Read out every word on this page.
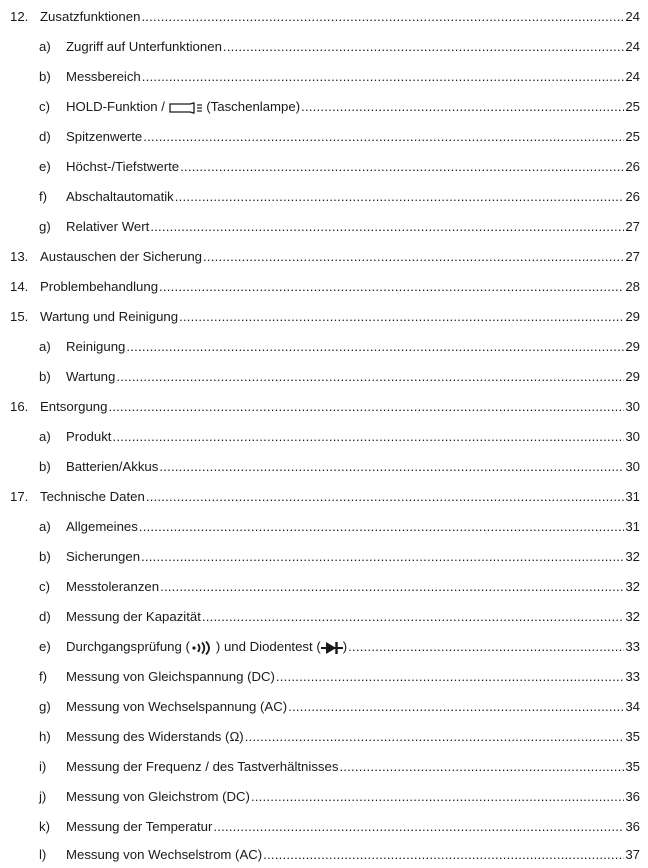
12. Zusatzfunktionen .....	24
a) Zugriff auf Unterfunktionen .....	24
b) Messbereich .....	24
c) HOLD-Funktion /	(Taschenlampe) .....	25
d) Spitzenwerte .....	25
e) Höchst-/Tiefstwerte .....	26
f) Abschaltautomatik .....	26
g) Relativer Wert .....	27
13. Austauschen der Sicherung .....	27
14. Problembehandlung .....	28
15. Wartung und Reinigung .....	29
a) Reinigung .....	29
b) Wartung .....	29
16. Entsorgung .....	30
a) Produkt .....	30
b) Batterien/Akkus .....	30
17. Technische Daten .....	31
a) Allgemeines .....	31
b) Sicherungen .....	32
c) Messtoleranzen .....	32
d) Messung der Kapazität .....	32
e) Durchgangsprüfung ( ) und Diodentest ( ) .....	33
f) Messung von Gleichspannung (DC) .....	33
g) Messung von Wechselspannung (AC) .....	34
h) Messung des Widerstands (Ω) .....	35
i) Messung der Frequenz / des Tastverhältnisses .....	35
j) Messung von Gleichstrom (DC) .....	36
k) Messung der Temperatur .....	36
l) Messung von Wechselstrom (AC) .....	37
